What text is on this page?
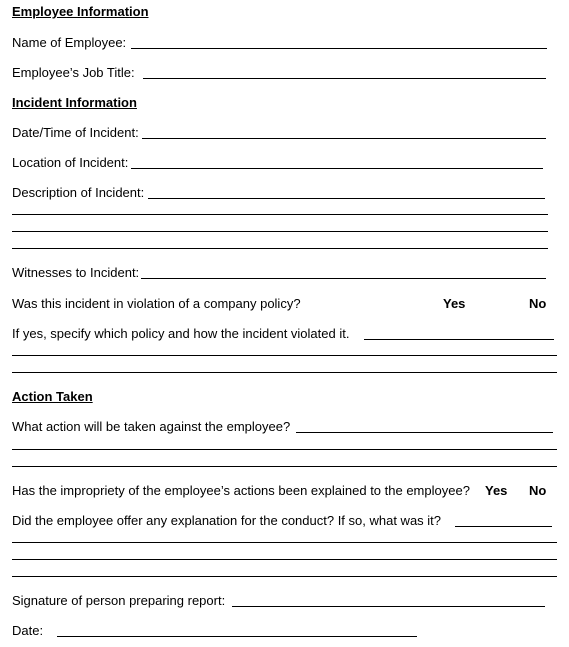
Employee Information
Name of Employee:
Employee’s Job Title:
Incident Information
Date/Time of Incident:
Location of Incident:
Description of Incident:
Witnesses to Incident:
Was this incident in violation of a company policy?	Yes	No
If yes, specify which policy and how the incident violated it.
Action Taken
What action will be taken against the employee?
Has the impropriety of the employee’s actions been explained to the employee? Yes No
Did the employee offer any explanation for the conduct? If so, what was it?
Signature of person preparing report:
Date:
